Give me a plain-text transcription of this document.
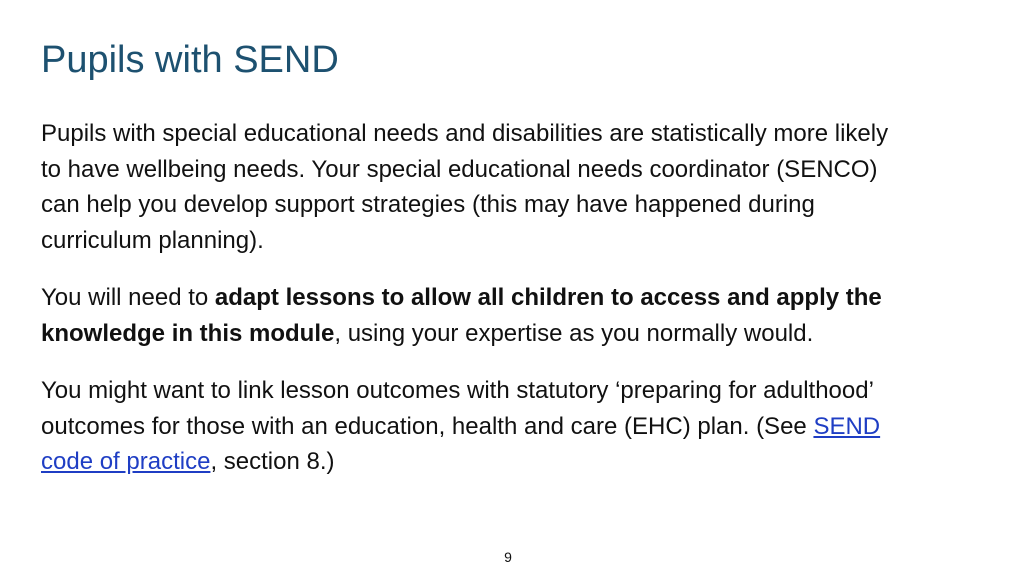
Pupils with SEND

Pupils with special educational needs and disabilities are statistically more likely to have wellbeing needs. Your special educational needs coordinator (SENCO) can help you develop support strategies (this may have happened during curriculum planning).

You will need to adapt lessons to allow all children to access and apply the knowledge in this module, using your expertise as you normally would.

You might want to link lesson outcomes with statutory ‘preparing for adulthood’ outcomes for those with an education, health and care (EHC) plan. (See SEND code of practice, section 8.)

9
